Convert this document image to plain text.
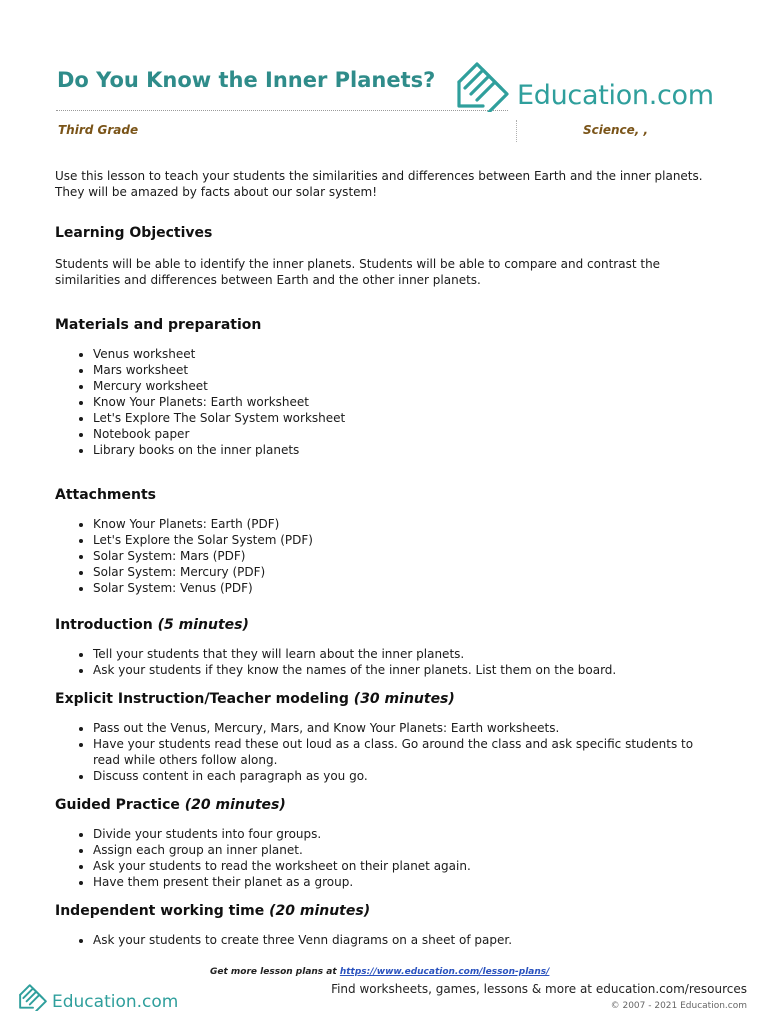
Do You Know the Inner Planets?	Education.com
Third Grade	Science, ,

Use this lesson to teach your students the similarities and differences between Earth and the inner planets. They will be amazed by facts about our solar system!

Learning Objectives

Students will be able to identify the inner planets. Students will be able to compare and contrast the similarities and differences between Earth and the other inner planets.

Materials and preparation
• Venus worksheet
• Mars worksheet
• Mercury worksheet
• Know Your Planets: Earth worksheet
• Let's Explore The Solar System worksheet
• Notebook paper
• Library books on the inner planets
Attachments
• Know Your Planets: Earth (PDF)
• Let's Explore the Solar System (PDF)
• Solar System: Mars (PDF)
• Solar System: Mercury (PDF)
• Solar System: Venus (PDF)
Introduction (5 minutes)
• Tell your students that they will learn about the inner planets.
• Ask your students if they know the names of the inner planets. List them on the board.
Explicit Instruction/Teacher modeling (30 minutes)
• Pass out the Venus, Mercury, Mars, and Know Your Planets: Earth worksheets.
• Have your students read these out loud as a class. Go around the class and ask specific students to read while others follow along.
• Discuss content in each paragraph as you go.
Guided Practice (20 minutes)
• Divide your students into four groups.
• Assign each group an inner planet.
• Ask your students to read the worksheet on their planet again.
• Have them present their planet as a group.
Independent working time (20 minutes)
• Ask your students to create three Venn diagrams on a sheet of paper.
Get more lesson plans at https://www.education.com/lesson-plans/
Education.com
Find worksheets, games, lessons & more at education.com/resources
© 2007 - 2021 Education.com
